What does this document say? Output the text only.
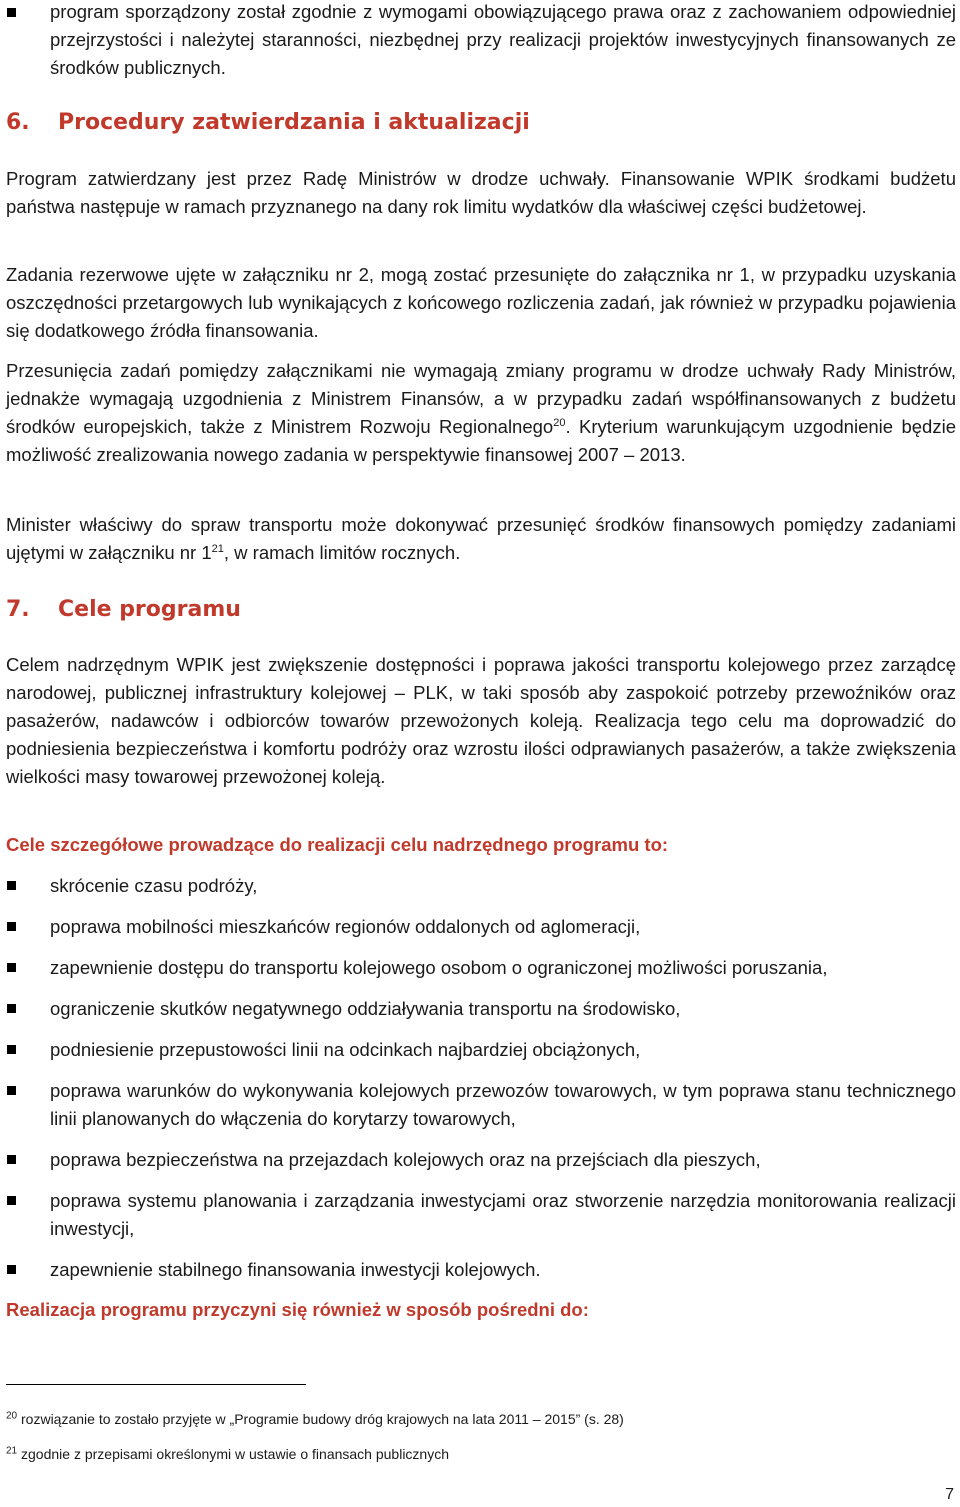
program sporządzony został zgodnie z wymogami obowiązującego prawa oraz z zachowaniem odpowiedniej przejrzystości i należytej staranności, niezbędnej przy realizacji projektów inwestycyjnych finansowanych ze środków publicznych.

6. Procedury zatwierdzania i aktualizacji

Program zatwierdzany jest przez Radę Ministrów w drodze uchwały. Finansowanie WPIK środkami budżetu państwa następuje w ramach przyznanego na dany rok limitu wydatków dla właściwej części budżetowej.

Zadania rezerwowe ujęte w załączniku nr 2, mogą zostać przesunięte do załącznika nr 1, w przypadku uzyskania oszczędności przetargowych lub wynikających z końcowego rozliczenia zadań, jak również w przypadku pojawienia się dodatkowego źródła finansowania.

Przesunięcia zadań pomiędzy załącznikami nie wymagają zmiany programu w drodze uchwały Rady Ministrów, jednakże wymagają uzgodnienia z Ministrem Finansów, a w przypadku zadań współfinansowanych z budżetu środków europejskich, także z Ministrem Rozwoju Regionalnego$^{20}$. Kryterium warunkującym uzgodnienie będzie możliwość zrealizowania nowego zadania w perspektywie finansowej 2007 – 2013.

Minister właściwy do spraw transportu może dokonywać przesunięć środków finansowych pomiędzy zadaniami ujętymi w załączniku nr $1^{21}$, w ramach limitów rocznych.

7. Cele programu

Celem nadrzędnym WPIK jest zwiększenie dostępności i poprawa jakości transportu kolejowego przez zarządcę narodowej, publicznej infrastruktury kolejowej – PLK, w taki sposób aby zaspokoić potrzeby przewoźników oraz pasażerów, nadawców i odbiorców towarów przewożonych koleją. Realizacja tego celu ma doprowadzić do podniesienia bezpieczeństwa i komfortu podróży oraz wzrostu ilości odprawianych pasażerów, a także zwiększenia wielkości masy towarowej przewożonej koleją.

Cele szczegółowe prowadzące do realizacji celu nadrzędnego programu to:

skrócenie czasu podróży,

poprawa mobilności mieszkańców regionów oddalonych od aglomeracji,

zapewnienie dostępu do transportu kolejowego osobom o ograniczonej możliwości poruszania,

ograniczenie skutków negatywnego oddziaływania transportu na środowisko,

podniesienie przepustowości linii na odcinkach najbardziej obciążonych,

poprawa warunków do wykonywania kolejowych przewozów towarowych, w tym poprawa stanu technicznego linii planowanych do włączenia do korytarzy towarowych,

poprawa bezpieczeństwa na przejazdach kolejowych oraz na przejściach dla pieszych,

poprawa systemu planowania i zarządzania inwestycjami oraz stworzenie narzędzia monitorowania realizacji inwestycji,

zapewnienie stabilnego finansowania inwestycji kolejowych.

Realizacja programu przyczyni się również w sposób pośredni do:

$^{20}$ rozwiązanie to zostało przyjęte w „Programie budowy dróg krajowych na lata 2011 – 2015” (s. 28)

$^{21}$ zgodnie z przepisami określonymi w ustawie o finansach publicznych

7
